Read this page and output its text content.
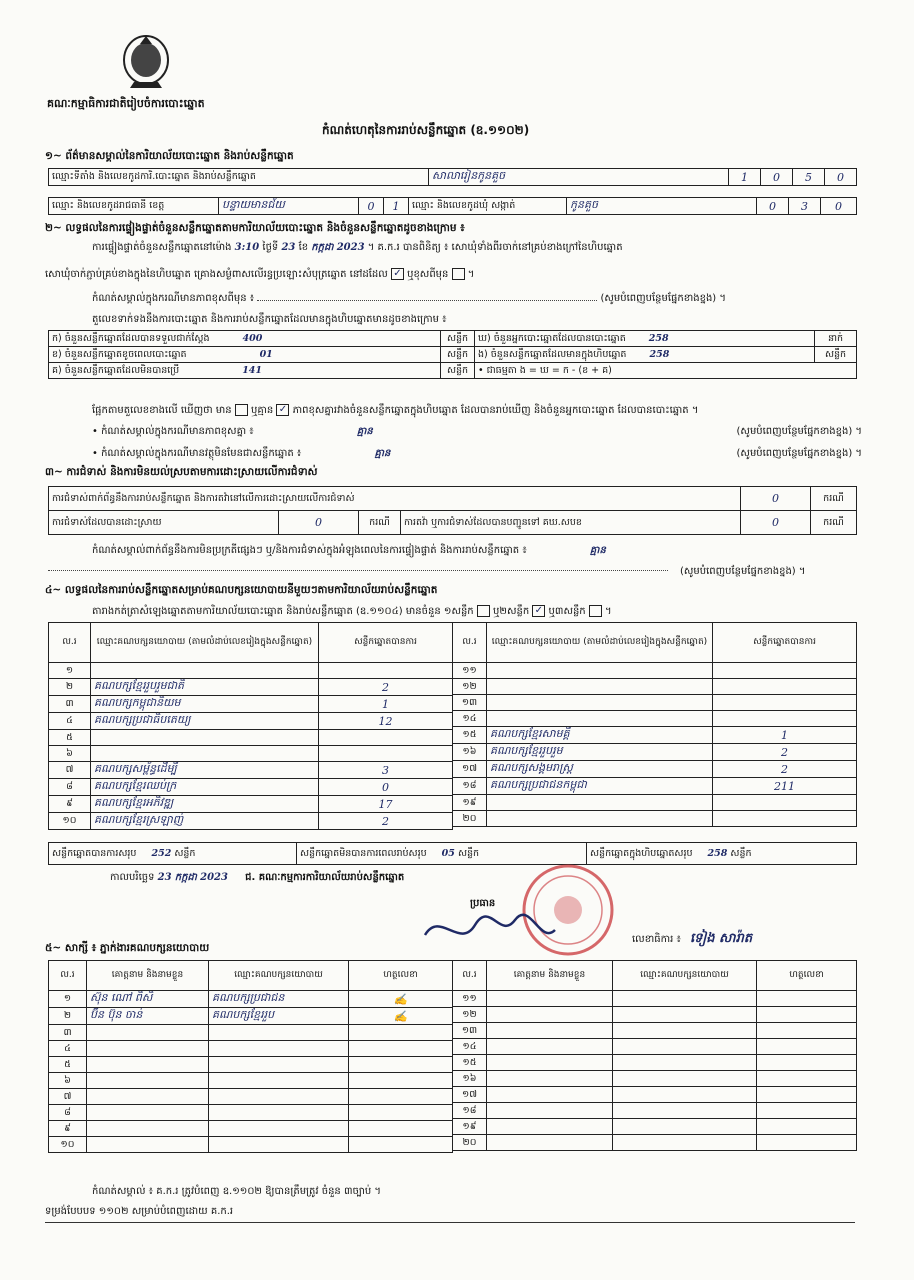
គណៈកម្មាធិការជាតិរៀបចំការបោះឆ្នោត
កំណត់ហេតុនៃការរាប់សន្លឹកឆ្នោត (ឧ.១១០២)
១~ ព័ត៌មានសម្គាល់នៃការិយាល័យបោះឆ្នោត និងរាប់សន្លឹកឆ្នោត
ឈ្មោះទីតាំង និងលេខកូដការិ.បោះឆ្នោត និងរាប់សន្លឹកឆ្នោត	សាលារៀនកូនគួច	1	0	5	0
ឈ្មោះ និងលេខកូដរាជធានី ខេត្ត	បន្ទាយមានជ័យ	0	1	ឈ្មោះ និងលេខកូដឃុំ សង្កាត់	កូនគួច	0	3	0
២~ លទ្ធផលនៃការផ្ទៀងផ្ទាត់ចំនួនសន្លឹកឆ្នោតតាមការិយាល័យបោះឆ្នោត និងចំនួនសន្លឹកឆ្នោតដូចខាងក្រោម ៖
ការផ្ទៀងផ្ទាត់ចំនួនសន្លឹកឆ្នោតនៅម៉ោង 3:10 ថ្ងៃទី 23 ខែ កក្កដា 2023 ។ គ.ក.រ បានពិនិត្យ ៖ សោឃុំទាំងពីរចាក់នៅគ្រប់ខាងក្រៅនៃហិបឆ្នោត
សោឃុំចាក់ភ្ជាប់គ្រប់ខាងក្នុងនៃហិបឆ្នោត គ្រោងសម្ងំពាសលើរន្ធប្រឡោះសំបុត្រឆ្នោត នៅដដែល ✓ ឬខុសពីមុន  ។
កំណត់សម្គាល់ក្នុងករណីមានភាពខុសពីមុន ៖	(សូមបំពេញបន្ថែមផ្នែកខាងខ្នង) ។
តួលេខទាក់ទងនឹងការបោះឆ្នោត និងការរាប់សន្លឹកឆ្នោតដែលមានក្នុងហិបឆ្នោតមានដូចខាងក្រោម ៖
ក) ចំនួនសន្លឹកឆ្នោតដែលបានទទួលជាក់ស្តែង 400	សន្លឹក	ឃ) ចំនួនអ្នកបោះឆ្នោតដែលបានបោះឆ្នោត 258	នាក់
ខ) ចំនួនសន្លឹកឆ្នោតខូចពេលបោះឆ្នោត 01	សន្លឹក	ង) ចំនួនសន្លឹកឆ្នោតដែលមានក្នុងហិបឆ្នោត 258	សន្លឹក
គ) ចំនួនសន្លឹកឆ្នោតដែលមិនបានប្រើ 141	សន្លឹក	• ជាធម្មតា ង = ឃ = ក - (ខ + គ)	
ផ្អែកតាមតួលេខខាងលើ ឃើញថា មាន ឬគ្មាន ✓ ភាពខុសគ្នារវាងចំនួនសន្លឹកឆ្នោតក្នុងហិបឆ្នោត ដែលបានរាប់ឃើញ និងចំនួនអ្នកបោះឆ្នោត ដែលបានបោះឆ្នោត ។
• កំណត់សម្គាល់ក្នុងករណីមានភាពខុសគ្នា ៖	គ្មាន	(សូមបំពេញបន្ថែមផ្នែកខាងខ្នង) ។
• កំណត់សម្គាល់ក្នុងករណីមានវត្ថុមិនមែនជាសន្លឹកឆ្នោត ៖	គ្មាន	(សូមបំពេញបន្ថែមផ្នែកខាងខ្នង) ។
៣~ ការជំទាស់ និងការមិនយល់ស្របតាមការដោះស្រាយលើការជំទាស់
ការជំទាស់ពាក់ព័ន្ធនឹងការរាប់សន្លឹកឆ្នោត និងការតវ៉ានៅលើការដោះស្រាយលើការជំទាស់				0	ករណី
ការជំទាស់ដែលបានដោះស្រាយ	0	ករណី	ការតវ៉ា ឬការជំទាស់ដែលបានបញ្ជូនទៅ គឃ.សបខ	0	ករណី
កំណត់សម្គាល់ពាក់ព័ន្ធនឹងការមិនប្រក្រតីផ្សេងៗ ឬ/និងការជំទាស់ក្នុងអំឡុងពេលនៃការផ្ទៀងផ្ទាត់ និងការរាប់សន្លឹកឆ្នោត ៖	គ្មាន
(សូមបំពេញបន្ថែមផ្នែកខាងខ្នង) ។
៤~ លទ្ធផលនៃការរាប់សន្លឹកឆ្នោតសម្រាប់គណបក្សនយោបាយនីមួយៗតាមការិយាល័យរាប់សន្លឹកឆ្នោត
តារាងកត់ត្រាសំឡេងឆ្នោតតាមការិយាល័យបោះឆ្នោត និងរាប់សន្លឹកឆ្នោត (ឧ.១១០៤) មានចំនួន ១សន្លឹក ឬ២សន្លឹក ✓ ឬ៣សន្លឹក  ។
ល.រ	ឈ្មោះគណបក្សនយោបាយ (តាមលំដាប់លេខរៀងក្នុងសន្លឹកឆ្នោត)	សន្លឹកឆ្នោតបានការ
១		
២	គណបក្សខ្មែររួបរួមជាតិ	2
៣	គណបក្សកម្ពុជានិយម	1
៤	គណបក្សប្រជាធិបតេយ្យ	12
៥		
៦		
៧	គណបក្សសម្ព័ន្ធដើម្បី	3
៨	គណបក្សខ្មែរឈប់ក្រ	0
៩	គណបក្សខ្មែរអភិវឌ្ឍ	17
១០	គណបក្សខ្មែរស្រឡាញ់	2
ល.រ	ឈ្មោះគណបក្សនយោបាយ (តាមលំដាប់លេខរៀងក្នុងសន្លឹកឆ្នោត)	សន្លឹកឆ្នោតបានការ
១១		
១២		
១៣		
១៤		
១៥	គណបក្សខ្មែរសាមគ្គី	1
១៦	គណបក្សខ្មែររួបរួម	2
១៧	គណបក្សសង្គមរាស្ត្រ	2
១៨	គណបក្សប្រជាជនកម្ពុជា	211
១៩		
២០		
សន្លឹកឆ្នោតបានការសរុប 252 សន្លឹក	សន្លឹកឆ្នោតមិនបានការពេលរាប់សរុប 05 សន្លឹក	សន្លឹកឆ្នោតក្នុងហិបឆ្នោតសរុប 258 សន្លឹក
កាលបរិច្ឆេទ 23 កក្កដា 2023 ជ. គណៈកម្មការការិយាល័យរាប់សន្លឹកឆ្នោត
ប្រធាន
លេខាធិការ ៖ ទៀង សារ៉ាត
៥~ សាក្សី ៖ ភ្នាក់ងារគណបក្សនយោបាយ
ល.រ	គោត្តនាម និងនាមខ្លួន	ឈ្មោះគណបក្សនយោបាយ	ហត្ថលេខា
១	ស៊ុន ណៅ ពិសិ	គណបក្សប្រជាជន	✍
២	ប៊ិន ប៊ុន ចាន់	គណបក្សខ្មែររួប	✍
៣			
៤			
៥			
៦			
៧			
៨			
៩			
១០			
ល.រ	គោត្តនាម និងនាមខ្លួន	ឈ្មោះគណបក្សនយោបាយ	ហត្ថលេខា
១១			
១២			
១៣			
១៤			
១៥			
១៦			
១៧			
១៨			
១៩			
២០			
កំណត់សម្គាល់ ៖ គ.ក.រ ត្រូវបំពេញ ឧ.១១០២ ឱ្យបានត្រឹមត្រូវ ចំនួន ៣ច្បាប់ ។
ទម្រង់បែបបទ ១១០២ សម្រាប់បំពេញដោយ គ.ក.រ
